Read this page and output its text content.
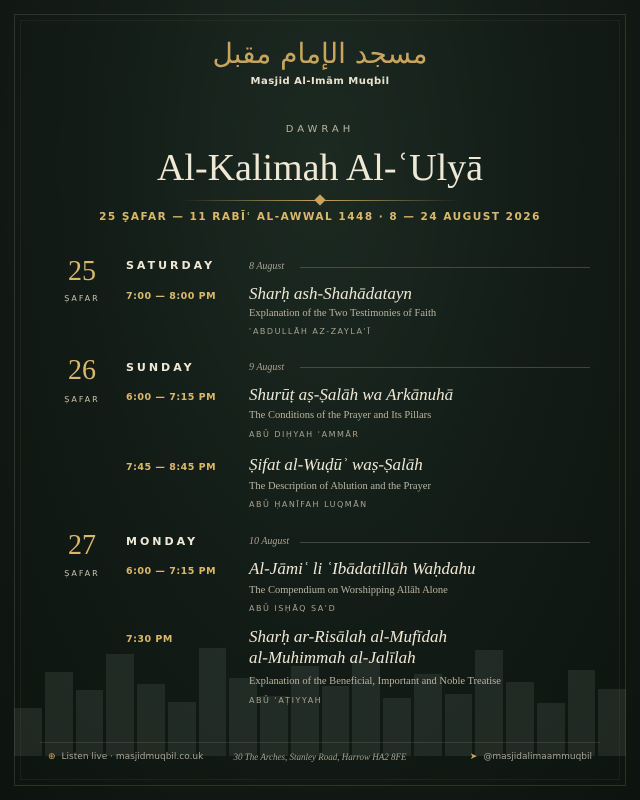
مسجد الإمام مقبل
Masjid Al-Imām Muqbil
DAWRAH
Al-Kalimah Al-ʿUlyā
25 ṢAFAR — 11 RABĪʿ AL-AWWAL 1448 · 8 — 24 AUGUST 2026
25
ṢAFAR
SATURDAY	8 August
7:00 — 8:00 PM Sharḥ ash-Shahādatayn
Explanation of the Two Testimonies of Faith
ʿABDULLĀH AZ-ZAYLAʿĪ
26
ṢAFAR
SUNDAY	9 August
6:00 — 7:15 PM Shurūṭ aṣ-Ṣalāh wa Arkānuhā
The Conditions of the Prayer and Its Pillars
ABŪ DIḤYAH ʿAMMĀR
7:45 — 8:45 PM Ṣifat al-Wuḍūʾ waṣ-Ṣalāh
The Description of Ablution and the Prayer
ABŪ ḤANĪFAH LUQMĀN
27
ṢAFAR
MONDAY	10 August
6:00 — 7:15 PM Al-Jāmiʿ li ʿIbādatillāh Waḥdahu
The Compendium on Worshipping Allāh Alone
ABŪ ISḤĀQ SAʿD
7:30 PM	Sharḥ ar-Risālah al-Mufīdah
al-Muhimmah al-Jalīlah
Explanation of the Beneficial, Important and Noble Treatise
ABŪ ʿAṬIYYAH
⊕ Listen live · masjidmuqbil.co.uk	30 The Arches, Stanley Road, Harrow HA2 8FE	➤ @masjidalimaammuqbil
